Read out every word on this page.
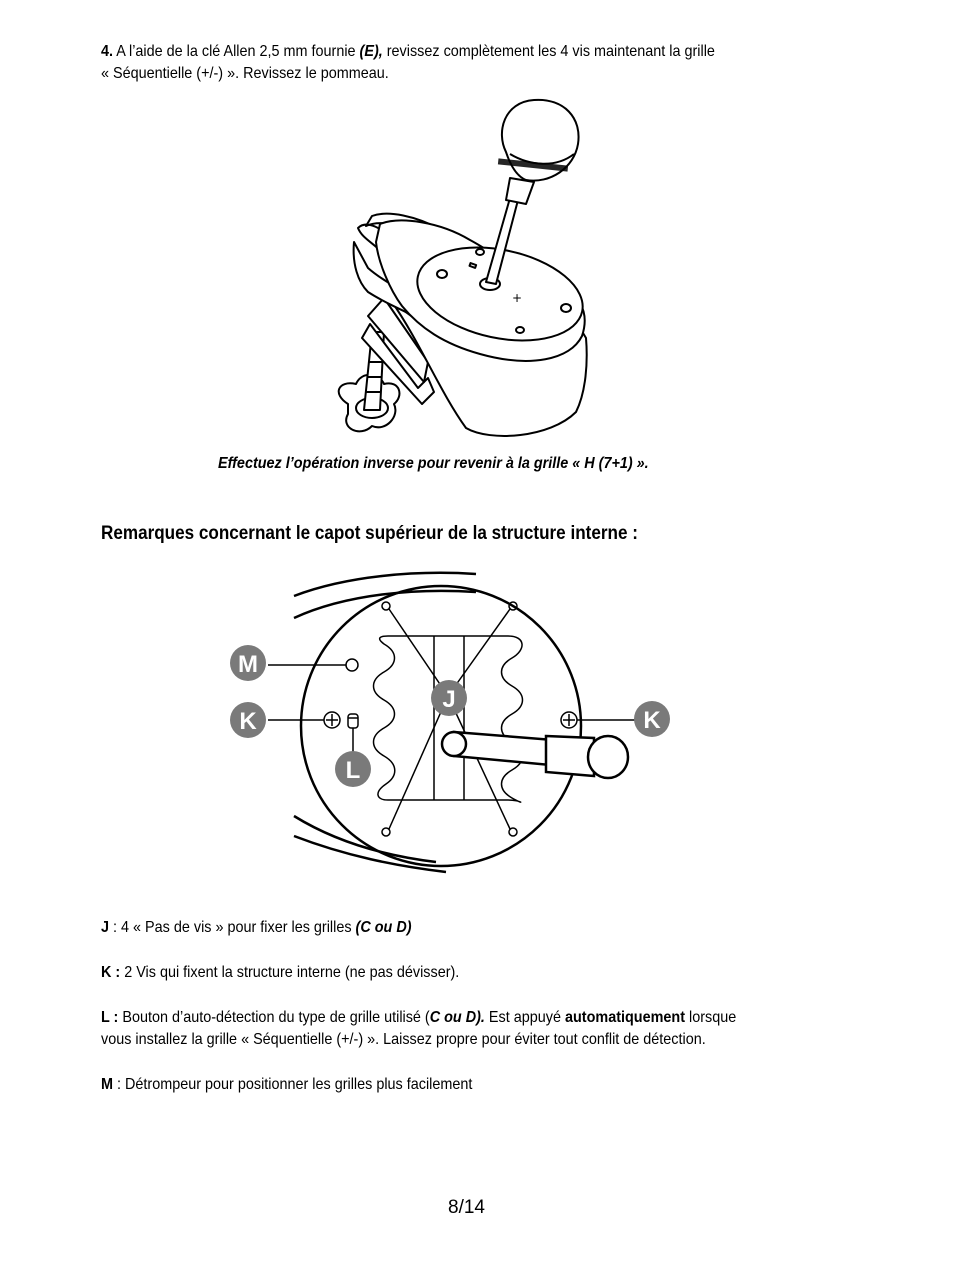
4. A l’aide de la clé Allen 2,5 mm fournie (E), revissez complètement les 4 vis maintenant la grille
« Séquentielle (+/-) ». Revissez le pommeau.
+
Effectuez l’opération inverse pour revenir à la grille « H (7+1) ».
Remarques concernant le capot supérieur de la structure interne :
M
K	K
J
L
J : 4 « Pas de vis » pour fixer les grilles (C ou D)
K : 2 Vis qui fixent la structure interne (ne pas dévisser).
L : Bouton d’auto-détection du type de grille utilisé (C ou D). Est appuyé automatiquement lorsque
vous installez la grille « Séquentielle (+/-) ». Laissez propre pour éviter tout conflit de détection.
M : Détrompeur pour positionner les grilles plus facilement
8/14
